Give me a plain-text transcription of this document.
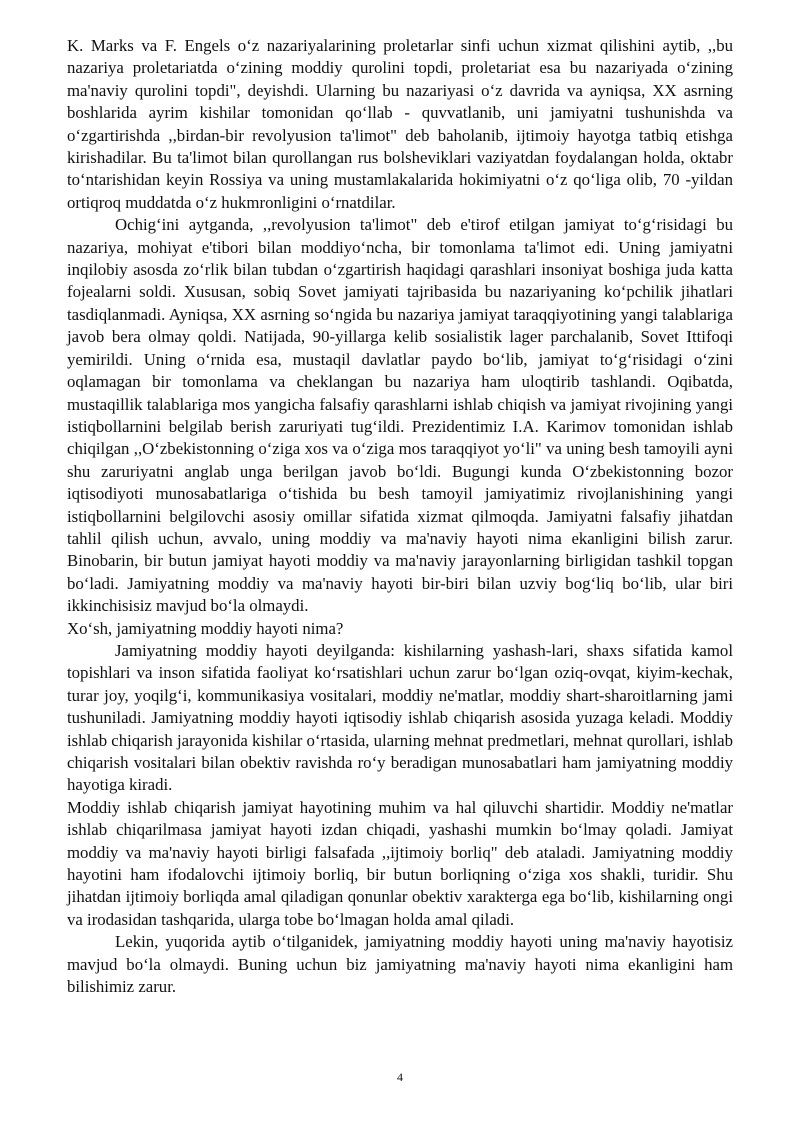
K. Marks va F. Engels o‘z nazariyalarining proletarlar sinfi uchun xizmat qilishini aytib, ,,bu nazariya proletariatda o‘zining moddiy qurolini topdi, proletariat esa bu nazariyada o‘zining ma'naviy qurolini topdi", deyishdi. Ularning bu nazariyasi o‘z davrida va ayniqsa, XX asrning boshlarida ayrim kishilar tomonidan qo‘llab - quvvatlanib, uni jamiyatni tushunishda va o‘zgartirishda ,,birdan-bir revolyusion ta'limot" deb baholanib, ijtimoiy hayotga tatbiq etishga kirishadilar. Bu ta'limot bilan qurollangan rus bolsheviklari vaziyatdan foydalangan holda, oktabr to‘ntarishidan keyin Rossiya va uning mustamlakalarida hokimiyatni o‘z qo‘liga olib, 70 -yildan ortiqroq muddatda o‘z hukmronligini o‘rnatdilar.

Ochig‘ini aytganda, ,,revolyusion ta'limot" deb e'tirof etilgan jamiyat to‘g‘risidagi bu nazariya, mohiyat e'tibori bilan moddiyo‘ncha, bir tomonlama ta'limot edi. Uning jamiyatni inqilobiy asosda zo‘rlik bilan tubdan o‘zgartirish haqidagi qarashlari insoniyat boshiga juda katta fojealarni soldi. Xususan, sobiq Sovet jamiyati tajribasida bu nazariyaning ko‘pchilik jihatlari tasdiqlanmadi. Ayniqsa, XX asrning so‘ngida bu nazariya jamiyat taraqqiyotining yangi talablariga javob bera olmay qoldi. Natijada, 90-yillarga kelib sosialistik lager parchalanib, Sovet Ittifoqi yemirildi. Uning o‘rnida esa, mustaqil davlatlar paydo bo‘lib, jamiyat to‘g‘risidagi o‘zini oqlamagan bir tomonlama va cheklangan bu nazariya ham uloqtirib tashlandi. Oqibatda, mustaqillik talablariga mos yangicha falsafiy qarashlarni ishlab chiqish va jamiyat rivojining yangi istiqbollarnini belgilab berish zaruriyati tug‘ildi. Prezidentimiz I.A. Karimov tomonidan ishlab chiqilgan ,,O‘zbekistonning o‘ziga xos va o‘ziga mos taraqqiyot yo‘li" va uning besh tamoyili ayni shu zaruriyatni anglab unga berilgan javob bo‘ldi. Bugungi kunda O‘zbekistonning bozor iqtisodiyoti munosabatlariga o‘tishida bu besh tamoyil jamiyatimiz rivojlanishining yangi istiqbollarnini belgilovchi asosiy omillar sifatida xizmat qilmoqda. Jamiyatni falsafiy jihatdan tahlil qilish uchun, avvalo, uning moddiy va ma'naviy hayoti nima ekanligini bilish zarur. Binobarin, bir butun jamiyat hayoti moddiy va ma'naviy jarayonlarning birligidan tashkil topgan bo‘ladi. Jamiyatning moddiy va ma'naviy hayoti bir-biri bilan uzviy bog‘liq bo‘lib, ular biri ikkinchisisiz mavjud bo‘la olmaydi.

Xo‘sh, jamiyatning moddiy hayoti nima?

Jamiyatning moddiy hayoti deyilganda: kishilarning yashash-lari, shaxs sifatida kamol topishlari va inson sifatida faoliyat ko‘rsatishlari uchun zarur bo‘lgan oziq-ovqat, kiyim-kechak, turar joy, yoqilg‘i, kommunikasiya vositalari, moddiy ne'matlar, moddiy shart-sharoitlarning jami tushuniladi. Jamiyatning moddiy hayoti iqtisodiy ishlab chiqarish asosida yuzaga keladi. Moddiy ishlab chiqarish jarayonida kishilar o‘rtasida, ularning mehnat predmetlari, mehnat qurollari, ishlab chiqarish vositalari bilan obektiv ravishda ro‘y beradigan munosabatlari ham jamiyatning moddiy hayotiga kiradi.

Moddiy ishlab chiqarish jamiyat hayotining muhim va hal qiluvchi shartidir. Moddiy ne'matlar ishlab chiqarilmasa jamiyat hayoti izdan chiqadi, yashashi mumkin bo‘lmay qoladi. Jamiyat moddiy va ma'naviy hayoti birligi falsafada ,,ijtimoiy borliq" deb ataladi. Jamiyatning moddiy hayotini ham ifodalovchi ijtimoiy borliq, bir butun borliqning o‘ziga xos shakli, turidir. Shu jihatdan ijtimoiy borliqda amal qiladigan qonunlar obektiv xarakterga ega bo‘lib, kishilarning ongi va irodasidan tashqarida, ularga tobe bo‘lmagan holda amal qiladi.

Lekin, yuqorida aytib o‘tilganidek, jamiyatning moddiy hayoti uning ma'naviy hayotisiz mavjud bo‘la olmaydi. Buning uchun biz jamiyatning ma'naviy hayoti nima ekanligini ham bilishimiz zarur.

4
